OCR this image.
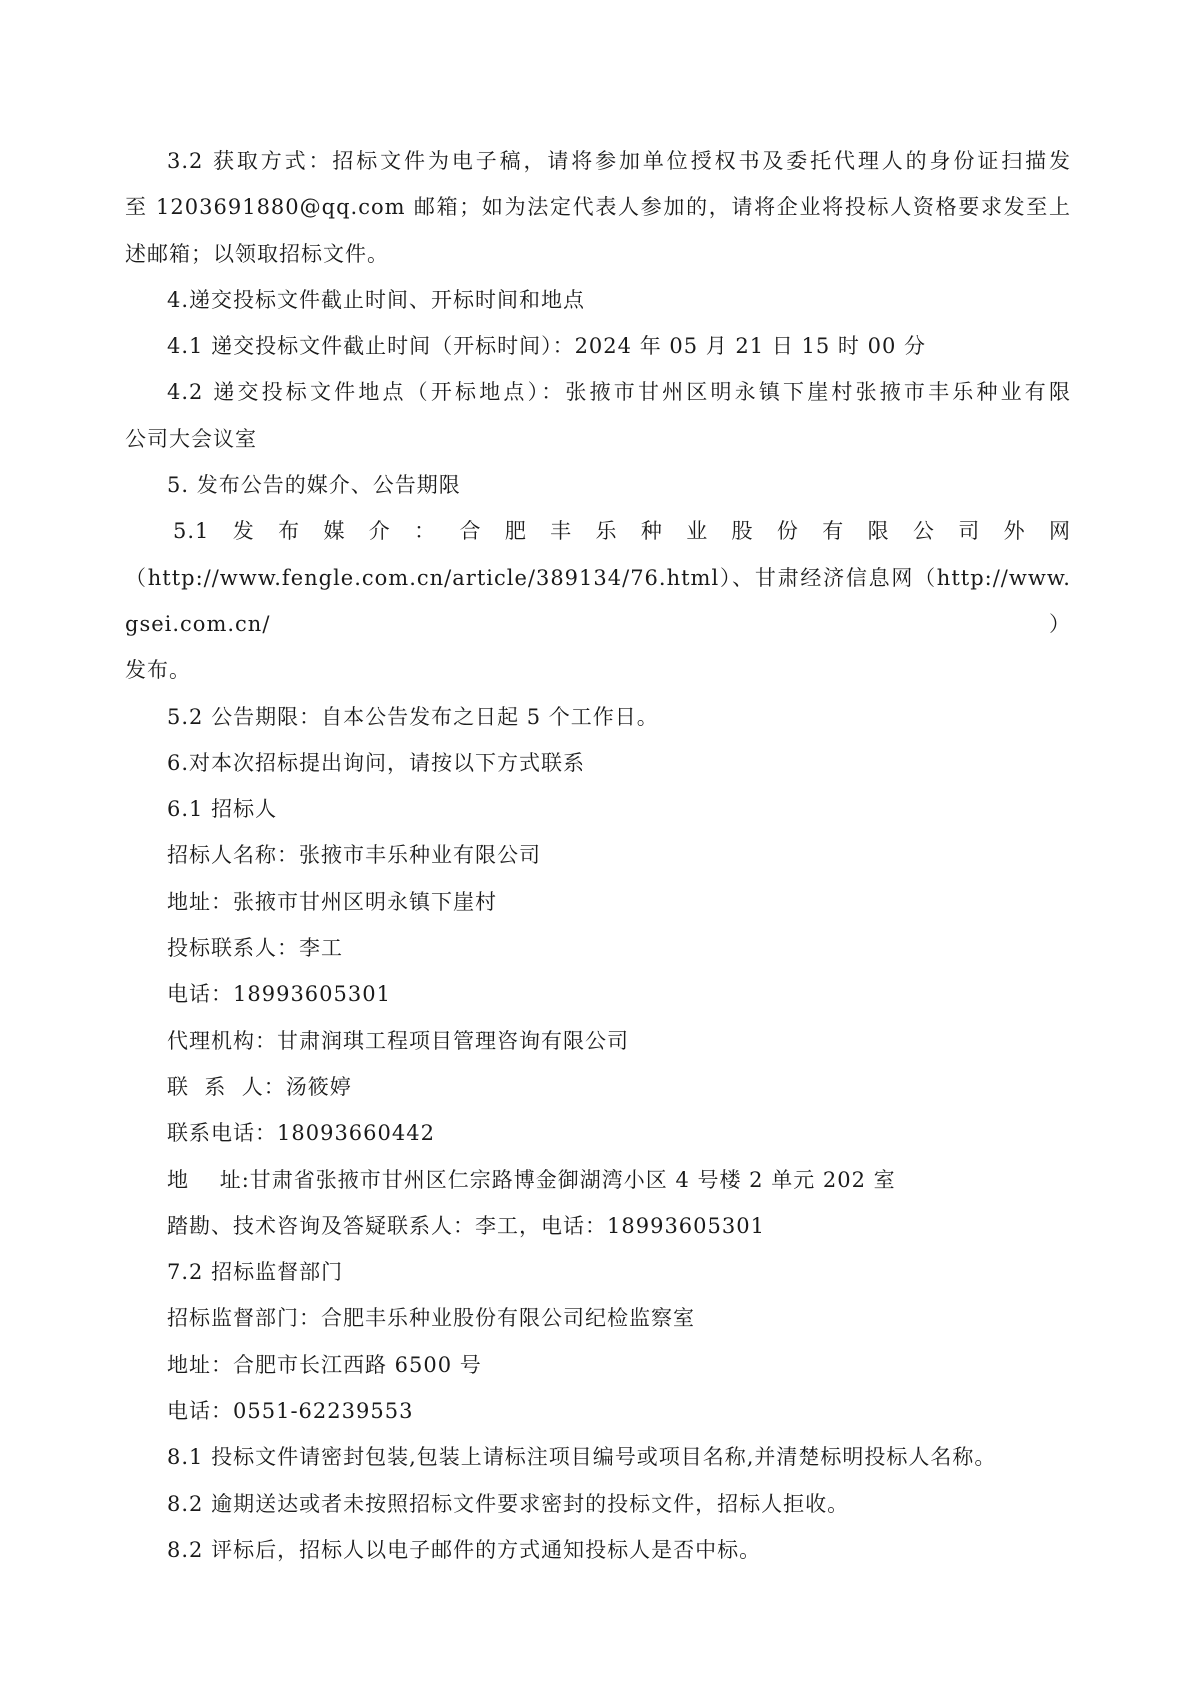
3.2 获取方式：招标文件为电子稿，请将参加单位授权书及委托代理人的身份证扫描发

至 1203691880@qq.com 邮箱；如为法定代表人参加的，请将企业将投标人资格要求发至上

述邮箱；以领取招标文件。

4.递交投标文件截止时间、开标时间和地点

4.1 递交投标文件截止时间（开标时间）：2024 年 05 月 21 日 15 时 00 分

4.2 递交投标文件地点（开标地点）：张掖市甘州区明永镇下崖村张掖市丰乐种业有限

公司大会议室

5. 发布公告的媒介、公告期限

5.1 发 布 媒 介 ： 合 肥 丰 乐 种 业 股 份 有 限 公 司 外 网

（http://www.fengle.com.cn/article/389134/76.html）、甘肃经济信息网（http://www.gsei.com.cn/）

发布。

5.2 公告期限：自本公告发布之日起 5 个工作日。

6.对本次招标提出询问，请按以下方式联系

6.1 招标人

招标人名称：张掖市丰乐种业有限公司

地址：张掖市甘州区明永镇下崖村

投标联系人：李工

电话：18993605301

代理机构：甘肃润琪工程项目管理咨询有限公司

联  系  人：汤筱婷

联系电话：18093660442

地    址:甘肃省张掖市甘州区仁宗路博金御湖湾小区 4 号楼 2 单元 202 室

踏勘、技术咨询及答疑联系人：李工，电话：18993605301

7.2 招标监督部门

招标监督部门：合肥丰乐种业股份有限公司纪检监察室

地址：合肥市长江西路 6500 号

电话：0551-62239553

8.1 投标文件请密封包装,包装上请标注项目编号或项目名称,并清楚标明投标人名称。

8.2 逾期送达或者未按照招标文件要求密封的投标文件，招标人拒收。

8.2 评标后，招标人以电子邮件的方式通知投标人是否中标。
